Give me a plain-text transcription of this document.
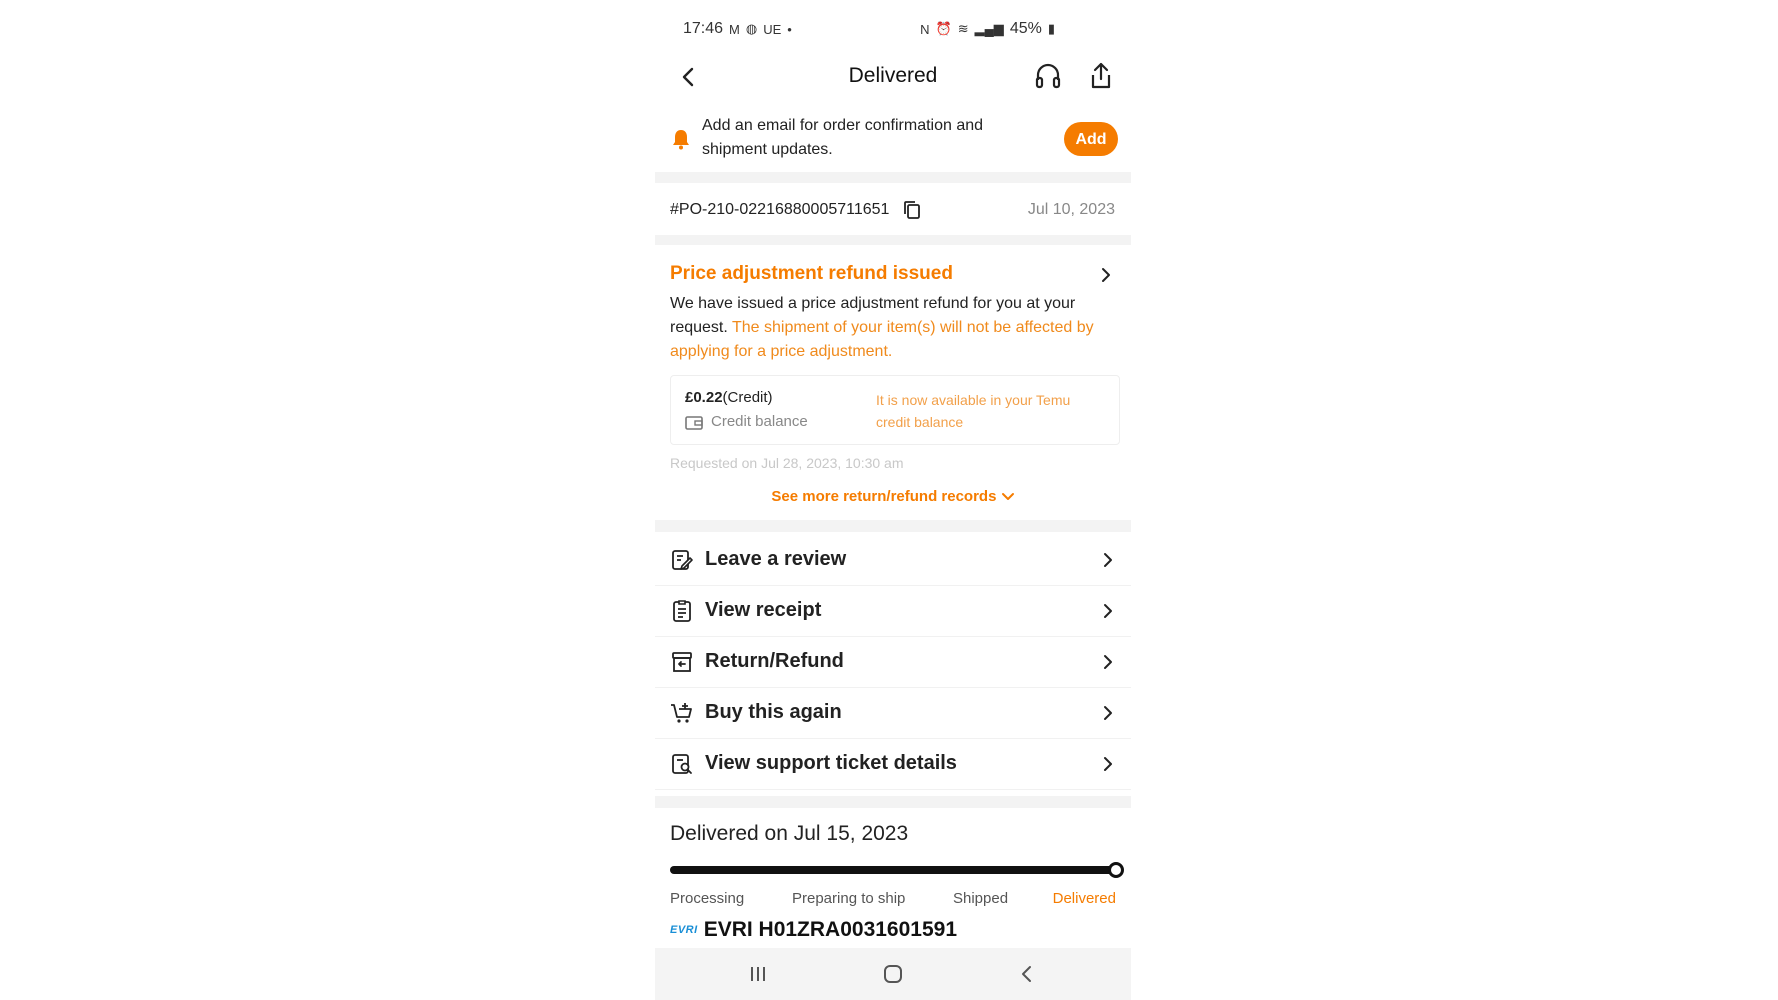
17:46 M ◍ UE •	N ⏰ ≋ ▂▄▆ 45% ▮
Delivered
Add an email for order confirmation and shipment updates.
Add
#PO-210-02216880005711651	Jul 10, 2023
Price adjustment refund issued
We have issued a price adjustment refund for you at your request. The shipment of your item(s) will not be affected by applying for a price adjustment.
£0.22(Credit)
Credit balance
It is now available in your Temu credit balance
Requested on Jul 28, 2023, 10:30 am
See more return/refund records
Leave a review
View receipt
Return/Refund
Buy this again
View support ticket details
Delivered on Jul 15, 2023
Processing	Preparing to ship	Shipped	Delivered
EVRI EVRI H01ZRA0031601591
